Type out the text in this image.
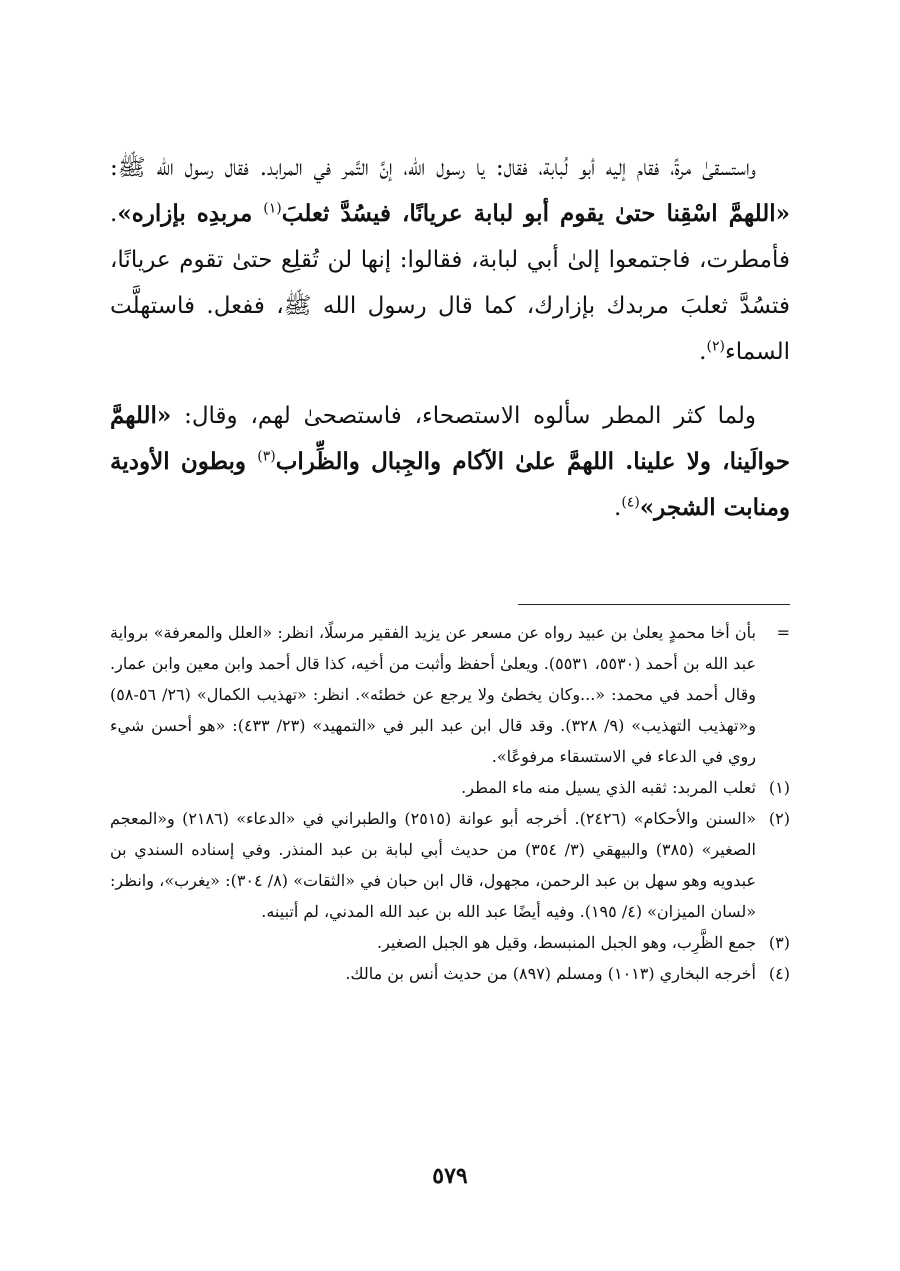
واستسقىٰ مرةً، فقام إليه أبو لُبابة، فقال: يا رسول الله، إنَّ التَّمر في المرابد. فقال رسول الله ﷺ: «اللهمَّ اسْقِنا حتىٰ يقوم أبو لبابة عريانًا، فيسُدَّ ثعلبَ$^{(١)}$ مربدِه بإزاره». فأمطرت، فاجتمعوا إلىٰ أبي لبابة، فقالوا: إنها لن تُقلِع حتىٰ تقوم عريانًا، فتسُدَّ ثعلبَ مربدك بإزارك، كما قال رسول الله ﷺ، ففعل. فاستهلَّت السماء$^{(٢)}$.

ولما كثر المطر سألوه الاستصحاء، فاستصحىٰ لهم، وقال: «اللهمَّ حوالَينا، ولا علينا. اللهمَّ علىٰ الآكام والجِبال والظِّراب$^{(٣)}$ وبطون الأودية ومنابت الشجر»$^{(٤)}$.

=
بأن أخا محمدٍ يعلىٰ بن عبيد رواه عن مسعر عن يزيد الفقير مرسلًا، انظر: «العلل والمعرفة» برواية عبد الله بن أحمد (٥٥٣٠، ٥٥٣١). ويعلىٰ أحفظ وأثبت من أخيه، كذا قال أحمد وابن معين وابن عمار. وقال أحمد في محمد: «...وكان يخطئ ولا يرجع عن خطئه». انظر: «تهذيب الكمال» (٢٦/ ٥٦-٥٨) و«تهذيب التهذيب» (٩/ ٣٢٨). وقد قال ابن عبد البر في «التمهيد» (٢٣/ ٤٣٣): «هو أحسن شيء روي في الدعاء في الاستسقاء مرفوعًا».
(١)
ثعلب المربد: ثقبه الذي يسيل منه ماء المطر.
(٢)
«السنن والأحكام» (٢٤٢٦). أخرجه أبو عوانة (٢٥١٥) والطبراني في «الدعاء» (٢١٨٦) و«المعجم الصغير» (٣٨٥) والبيهقي (٣/ ٣٥٤) من حديث أبي لبابة بن عبد المنذر. وفي إسناده السندي بن عبدويه وهو سهل بن عبد الرحمن، مجهول، قال ابن حبان في «الثقات» (٨/ ٣٠٤): «يغرب»، وانظر: «لسان الميزان» (٤/ ١٩٥). وفيه أيضًا عبد الله بن عبد الله المدني، لم أتبينه.
(٣)
جمع الظَّرِب، وهو الجبل المنبسط، وقيل هو الجبل الصغير.
(٤)
أخرجه البخاري (١٠١٣) ومسلم (٨٩٧) من حديث أنس بن مالك.
٥٧٩
